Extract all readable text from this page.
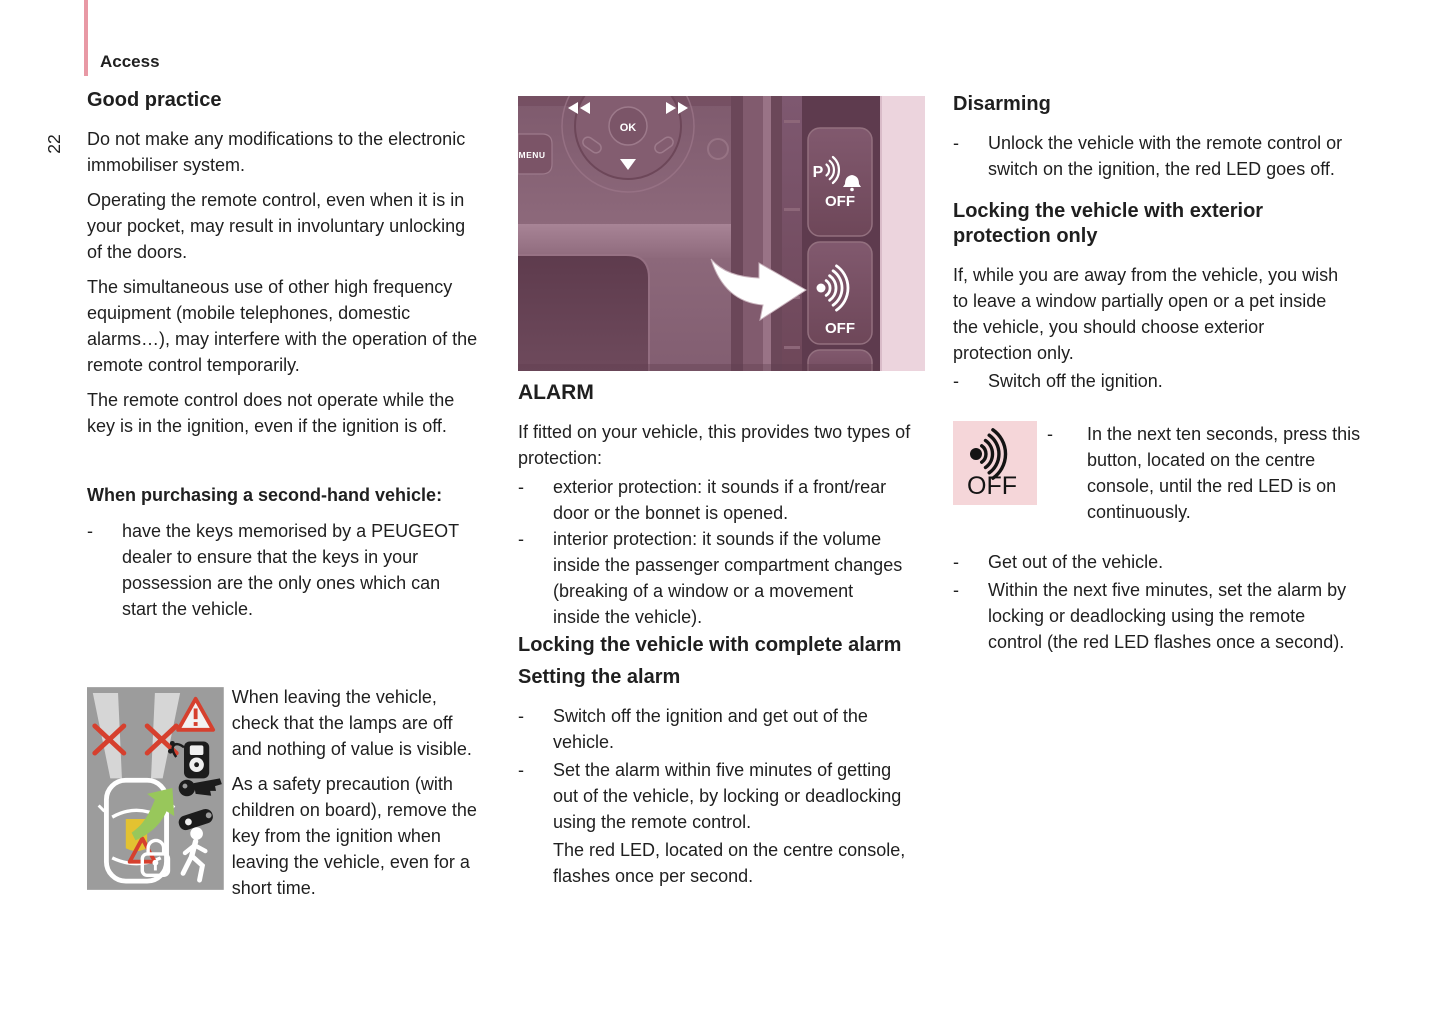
Access
22
Good practice

Do not make any modifications to the electronic immobiliser system.

Operating the remote control, even when it is in your pocket, may result in involuntary unlocking of the doors.

The simultaneous use of other high frequency equipment (mobile telephones, domestic alarms…), may interfere with the operation of the remote control temporarily.

The remote control does not operate while the key is in the ignition, even if the ignition is off.

When purchasing a second-hand vehicle:
-	have the keys memorised by a PEUGEOT dealer to ensure that the keys in your possession are the only ones which can start the vehicle.

When leaving the vehicle, check that the lamps are off and nothing of value is visible.

As a safety precaution (with children on board), remove the key from the ignition when leaving the vehicle, even for a short time.

OK
MENU
P
OFF
OFF
ALARM

If fitted on your vehicle, this provides two types of protection:

-	exterior protection: it sounds if a front/rear door or the bonnet is opened.
-	interior protection: it sounds if the volume inside the passenger compartment changes (breaking of a window or a movement inside the vehicle).
Locking the vehicle with complete alarm
Setting the alarm
-	Switch off the ignition and get out of the vehicle.
-	Set the alarm within five minutes of getting out of the vehicle, by locking or deadlocking using the remote control.

The red LED, located on the centre console, flashes once per second.

Disarming
-	Unlock the vehicle with the remote control or switch on the ignition, the red LED goes off.
Locking the vehicle with exterior protection only

If, while you are away from the vehicle, you wish to leave a window partially open or a pet inside the vehicle, you should choose exterior protection only.

-	Switch off the ignition.
OFF
-	In the next ten seconds, press this button, located on the centre console, until the red LED is on continuously.
-	Get out of the vehicle.
-	Within the next five minutes, set the alarm by locking or deadlocking using the remote control (the red LED flashes once a second).
